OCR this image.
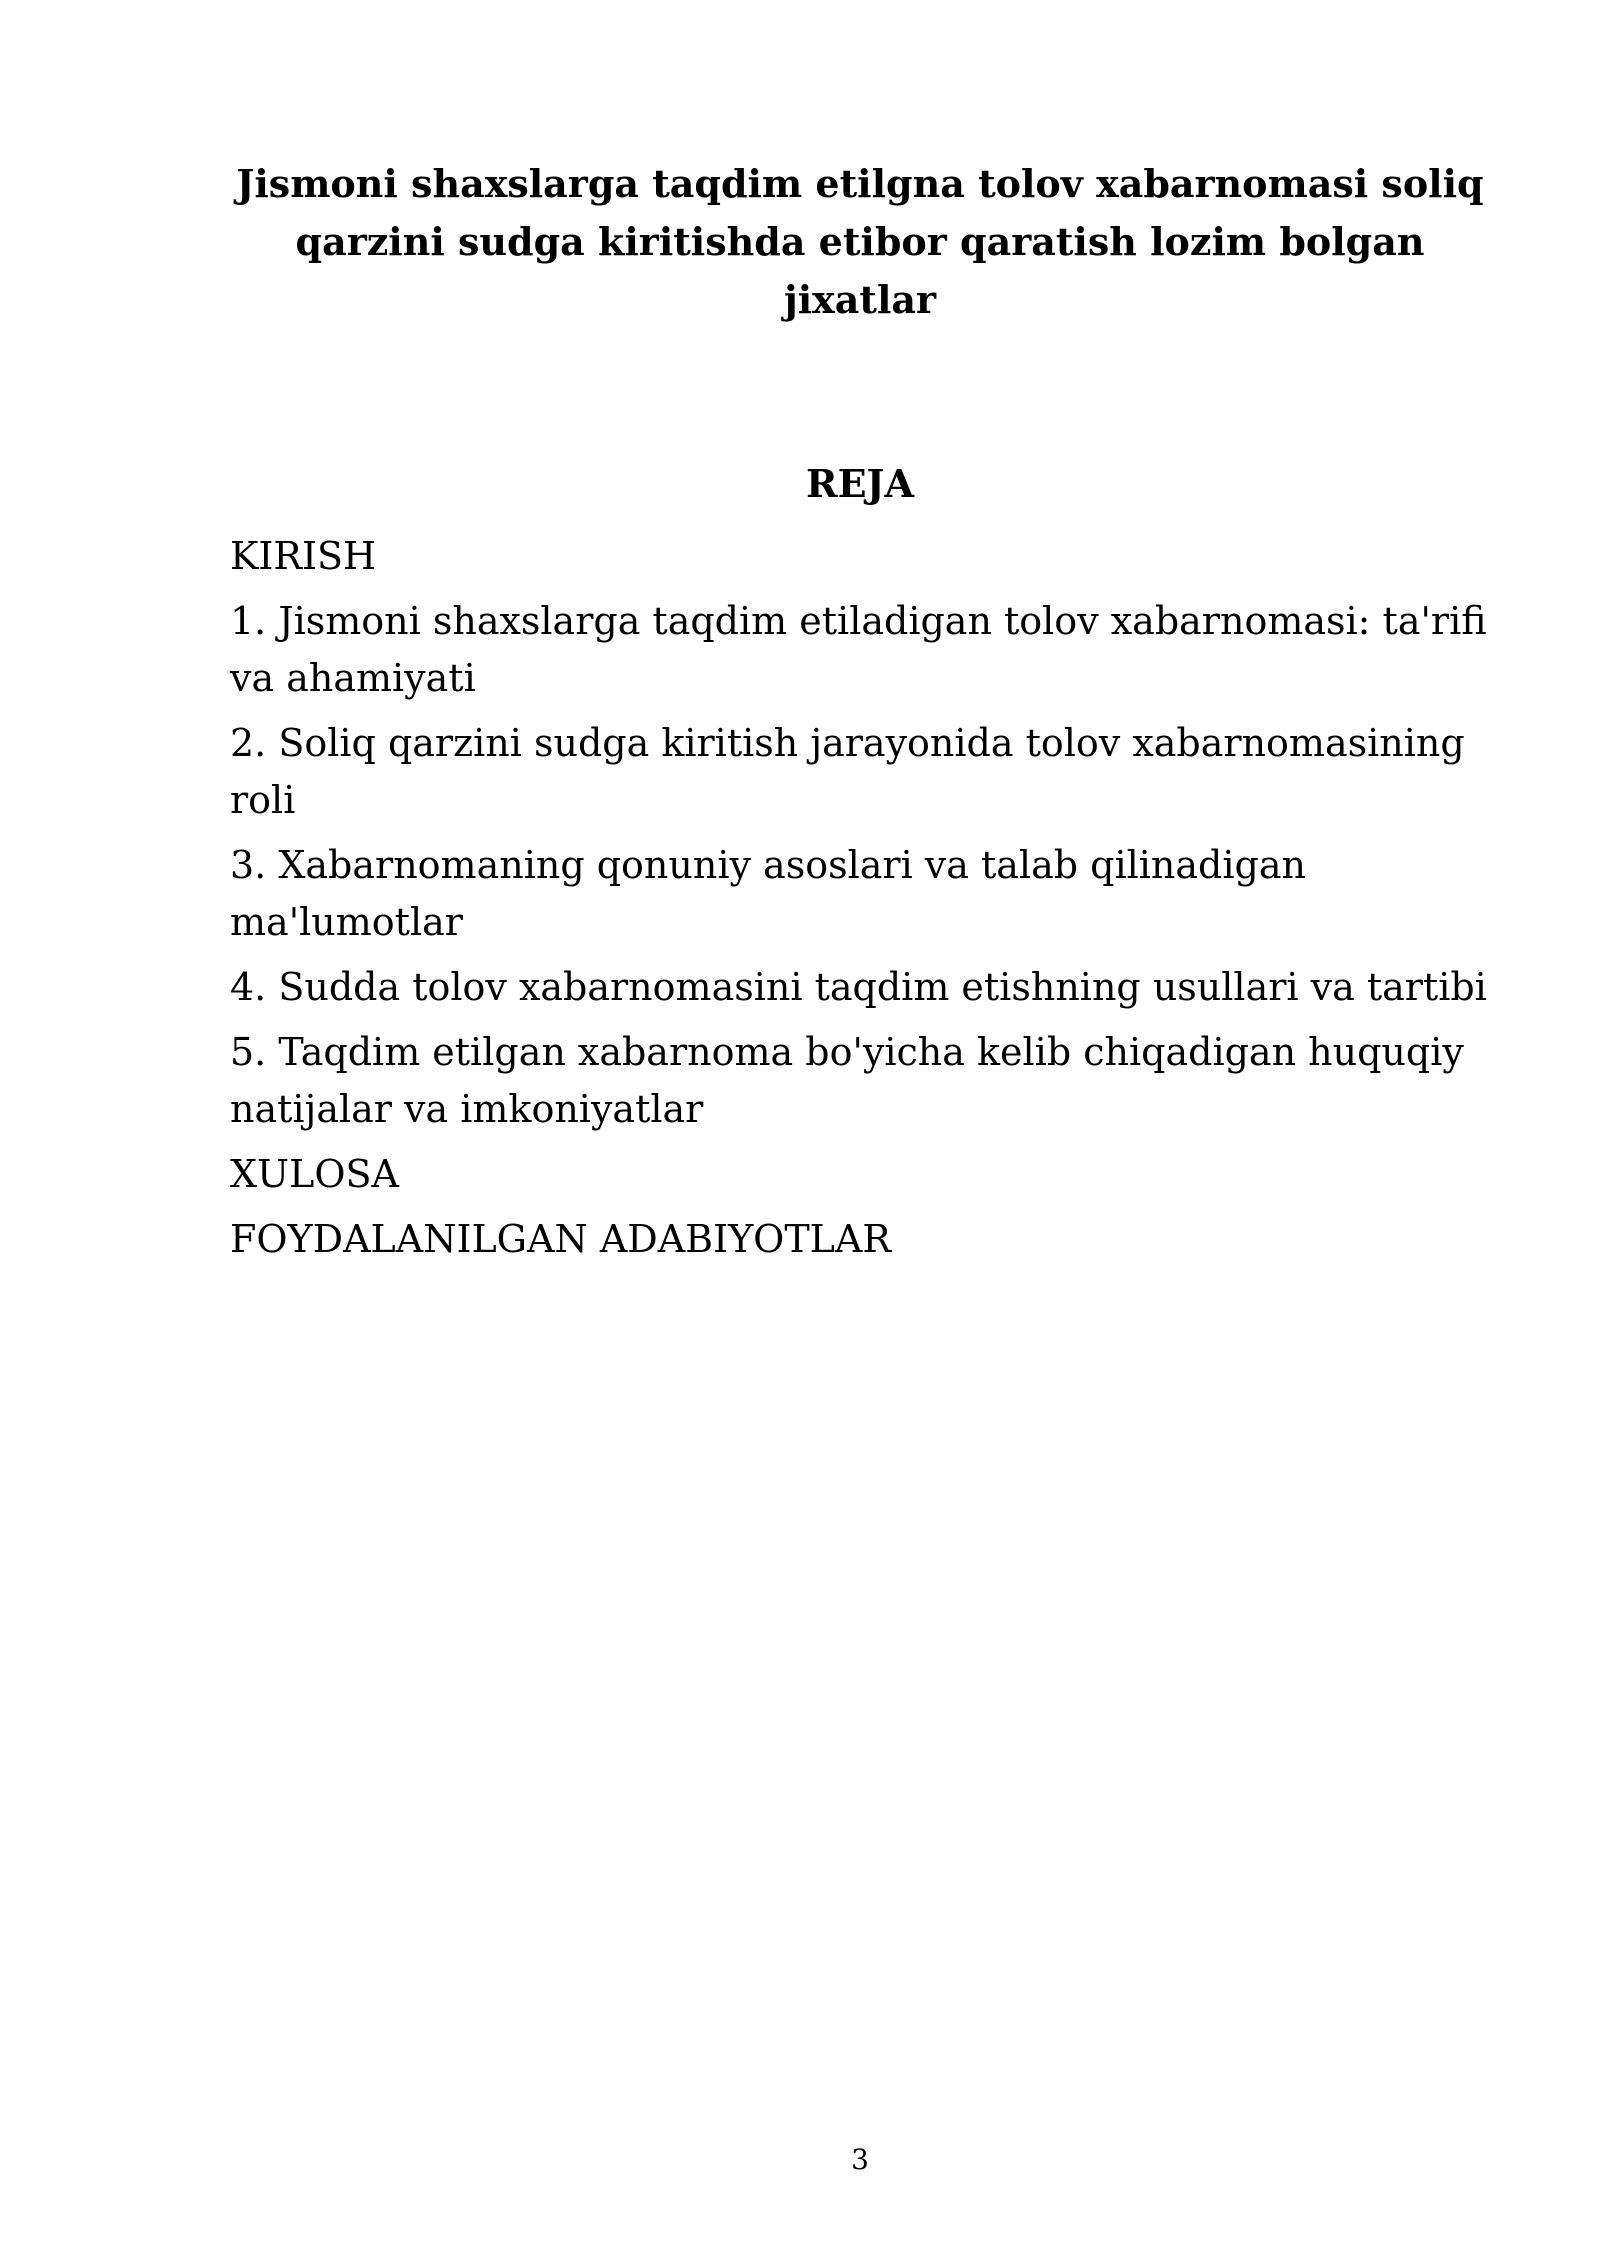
Jismoni shaxslarga taqdim etilgna tolov xabarnomasi soliq qarzini sudga kiritishda etibor qaratish lozim bolgan jixatlar
REJA
KIRISH
1. Jismoni shaxslarga taqdim etiladigan tolov xabarnomasi: ta'rifi va ahamiyati
2. Soliq qarzini sudga kiritish jarayonida tolov xabarnomasining roli
3. Xabarnomaning qonuniy asoslari va talab qilinadigan ma'lumotlar
4. Sudda tolov xabarnomasini taqdim etishning usullari va tartibi
5. Taqdim etilgan xabarnoma bo'yicha kelib chiqadigan huquqiy natijalar va imkoniyatlar
XULOSA
FOYDALANILGAN ADABIYOTLAR
3
